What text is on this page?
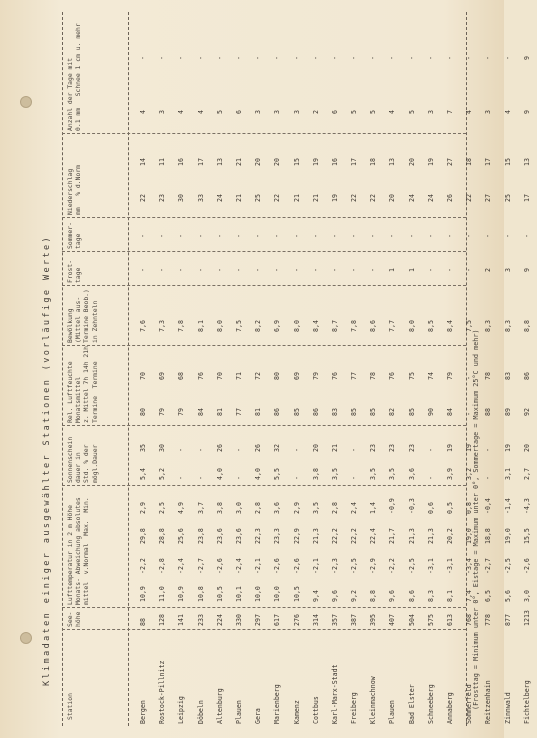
Klimadaten einiger ausgewählter Stationen (vorläufige Werte)
Station
See-
höhe
Lufttemperatur in 2 m Höhe
Monats- Abweichung absolutes
mittel  v.Normal  Max.  Min.
Sonnenschein
dauer in
Std. % der
mögl.Dauer
Rel. Luftfeuchte
Monatsmittel
z. Mittel 7h 14h 21h
Termine  Termine
Bewölkung
(Mittel aus-
Termine Beob.)
in Zehnteln
Frost-
tage
Sommer-
tage
Niederschlag
mm   % d.Norm
Anzahl der Tage mit
0.1 mm   Schnee 1 cm u. mehr
Bergen
88
10,9
-2,2
29,8
2,9
5,4
35
80
70
7,6
-
-
22
14
4
-
Rostock-Pillnitz
128
11,0
-2,8
28,8
2,5
5,2
30
79
69
7,3
-
-
23
11
3
-
Leipzig
141
10,9
-2,4
25,6
4,9
-
-
79
68
7,8
-
-
30
16
4
-
Döbeln
233
10,8
-2,7
23,8
3,7
-
-
84
76
8,1
-
-
33
17
4
-
Altenburg
224
10,5
-2,6
23,6
3,8
4,0
26
81
70
8,0
-
-
24
13
5
-
Plauen
330
10,1
-2,4
23,6
3,0
-
-
77
71
7,5
-
-
21
21
6
-
Gera
297
10,0
-2,1
22,3
2,8
4,0
26
81
72
8,2
-
-
25
20
3
-
Marienberg
617
10,0
-2,6
23,3
3,6
5,5
32
86
80
6,9
-
-
22
20
3
-
Kamenz
276
10,5
-2,6
22,9
2,9
-
-
85
69
8,0
-
-
21
15
3
-
Cottbus
314
9,4
-2,1
21,3
3,5
3,8
20
86
79
8,4
-
-
21
19
2
-
Karl-Marx-Stadt
357
9,6
-2,3
22,2
2,8
3,5
21
83
76
8,7
-
-
19
16
6
-
Freiberg
387
9,2
-2,5
22,2
2,4
-
-
85
77
7,8
-
-
22
17
5
-
Kleinmachnow
395
8,8
-2,9
22,4
1,4
3,5
23
85
78
8,6
-
-
22
18
5
-
Plauen
407
9,6
-2,2
21,7
-0,9
3,5
23
82
76
7,7
1
-
20
13
4
-
Bad Elster
504
8,6
-2,5
21,3
-0,3
3,6
23
85
75
8,0
1
-
24
20
5
-
Schneeberg
575
8,3
-3,1
21,3
0,6
-
-
90
74
8,5
-
-
24
19
3
-
Annaberg
613
8,1
-3,1
20,2
0,5
3,9
19
84
79
8,4
-
-
26
27
7
-
Sommerfeld
768
7,4
-3,4
19,0
0,8
3,2
19
-
-
7,5
-
-
22
18
4
-
Reitzenhain
778
6,5
-2,7
18,8
-0,4
-
-
88
78
8,3
2
-
27
17
3
-
Zinnwald
877
5,6
-2,5
19,0
-1,4
3,1
19
89
83
8,3
3
-
25
15
4
-
Fichtelberg
1213
3,0
-2,6
15,5
-4,3
2,7
20
92
86
8,8
9
-
17
13
9
9
(Frosttag = Minimum unter 0°, Eistage = Maximum unter 0°, Sommertage = Maximum 25°C und mehr)
